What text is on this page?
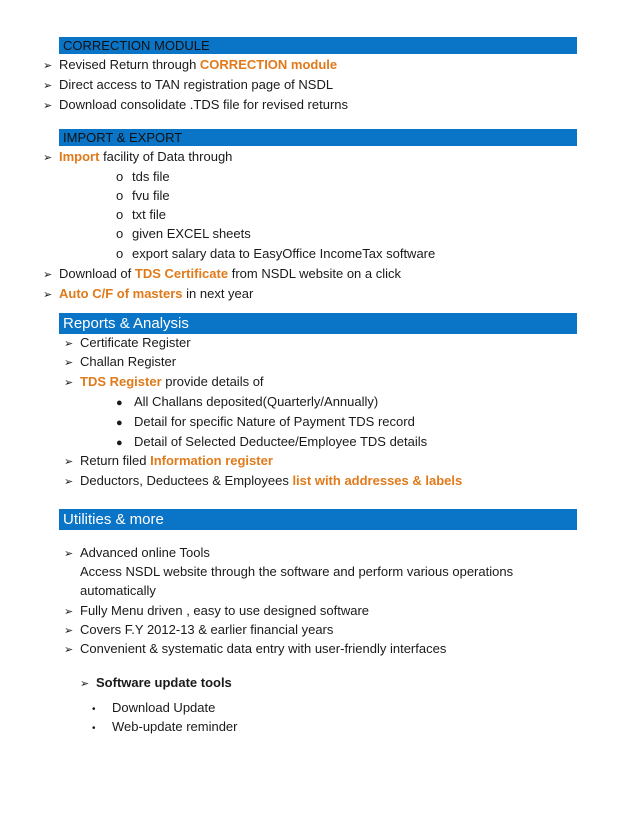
CORRECTION MODULE
➢ Revised Return through CORRECTION module
➢ Direct access to TAN registration page of NSDL
➢ Download consolidate .TDS file for revised returns
IMPORT & EXPORT
➢ Import facility of Data through
o tds file
o fvu file
o txt file
o given EXCEL sheets
o export salary data to EasyOffice IncomeTax software
➢ Download of TDS Certificate from NSDL website on a click
➢ Auto C/F of masters in next year
Reports & Analysis
➢ Certificate Register
➢ Challan Register
➢ TDS Register provide details of
● All Challans deposited(Quarterly/Annually)
● Detail for specific Nature of Payment TDS record
● Detail of Selected Deductee/Employee TDS details
➢ Return filed Information register
➢ Deductors, Deductees & Employees list with addresses & labels
Utilities & more
➢ Advanced online Tools
Access NSDL website through the software and perform various operations
automatically
➢ Fully Menu driven , easy to use designed software
➢ Covers F.Y 2012-13 & earlier financial years
➢ Convenient & systematic data entry with user-friendly interfaces
➢ Software update tools
• Download Update
• Web-update reminder
